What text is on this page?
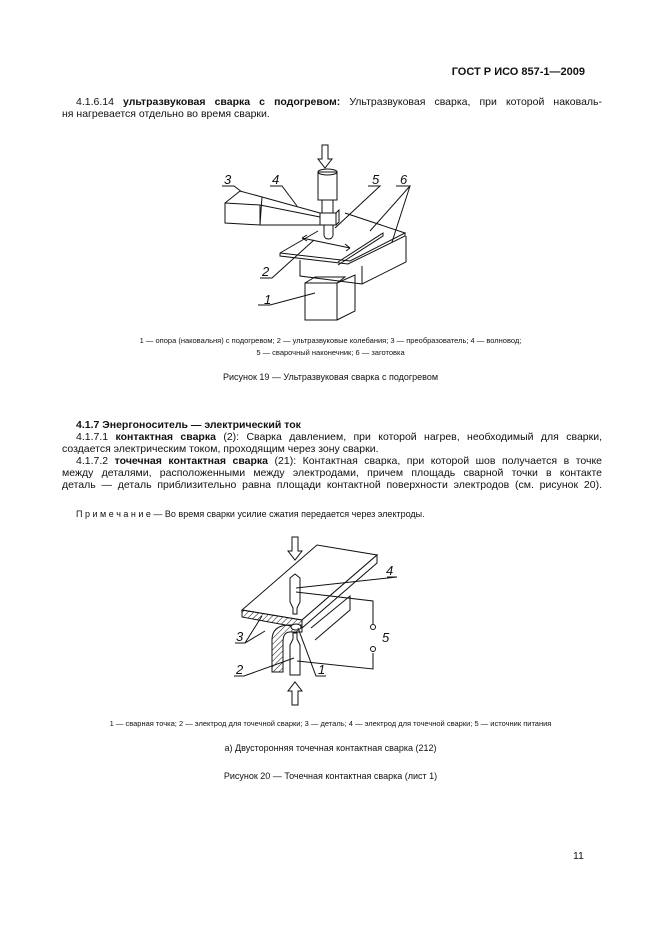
ГОСТ Р ИСО 857-1—2009
4.1.6.14 ультразвуковая сварка с подогревом: Ультразвуковая сварка, при которой наковаль-
ня нагревается отдельно во время сварки.
2
1
3	4	5 6
1 — опора (наковальня) с подогревом; 2 — ультразвуковые колебания; 3 — преобразователь; 4 — волновод;
5 — сварочный наконечник; 6 — заготовка
Рисунок 19 — Ультразвуковая сварка с подогревом
4.1.7 Энергоноситель — электрический ток
4.1.7.1 контактная сварка (2): Сварка давлением, при которой нагрев, необходимый для сварки,
создается электрическим током, проходящим через зону сварки.
4.1.7.2 точечная контактная сварка (21): Контактная сварка, при которой шов получается в точке
между деталями, расположенными между электродами, причем площадь сварной точки в контакте
деталь — деталь приблизительно равна площади контактной поверхности электродов (см. рисунок 20).
П р и м е ч а н и е — Во время сварки усилие сжатия передается через электроды.
4
5
3
2	1
1 — сварная точка; 2 — электрод для точечной сварки; 3 — деталь; 4 — электрод для точечной сварки; 5 — источник питания
а) Двусторонняя точечная контактная сварка (212)
Рисунок 20 — Точечная контактная сварка (лист 1)
11
